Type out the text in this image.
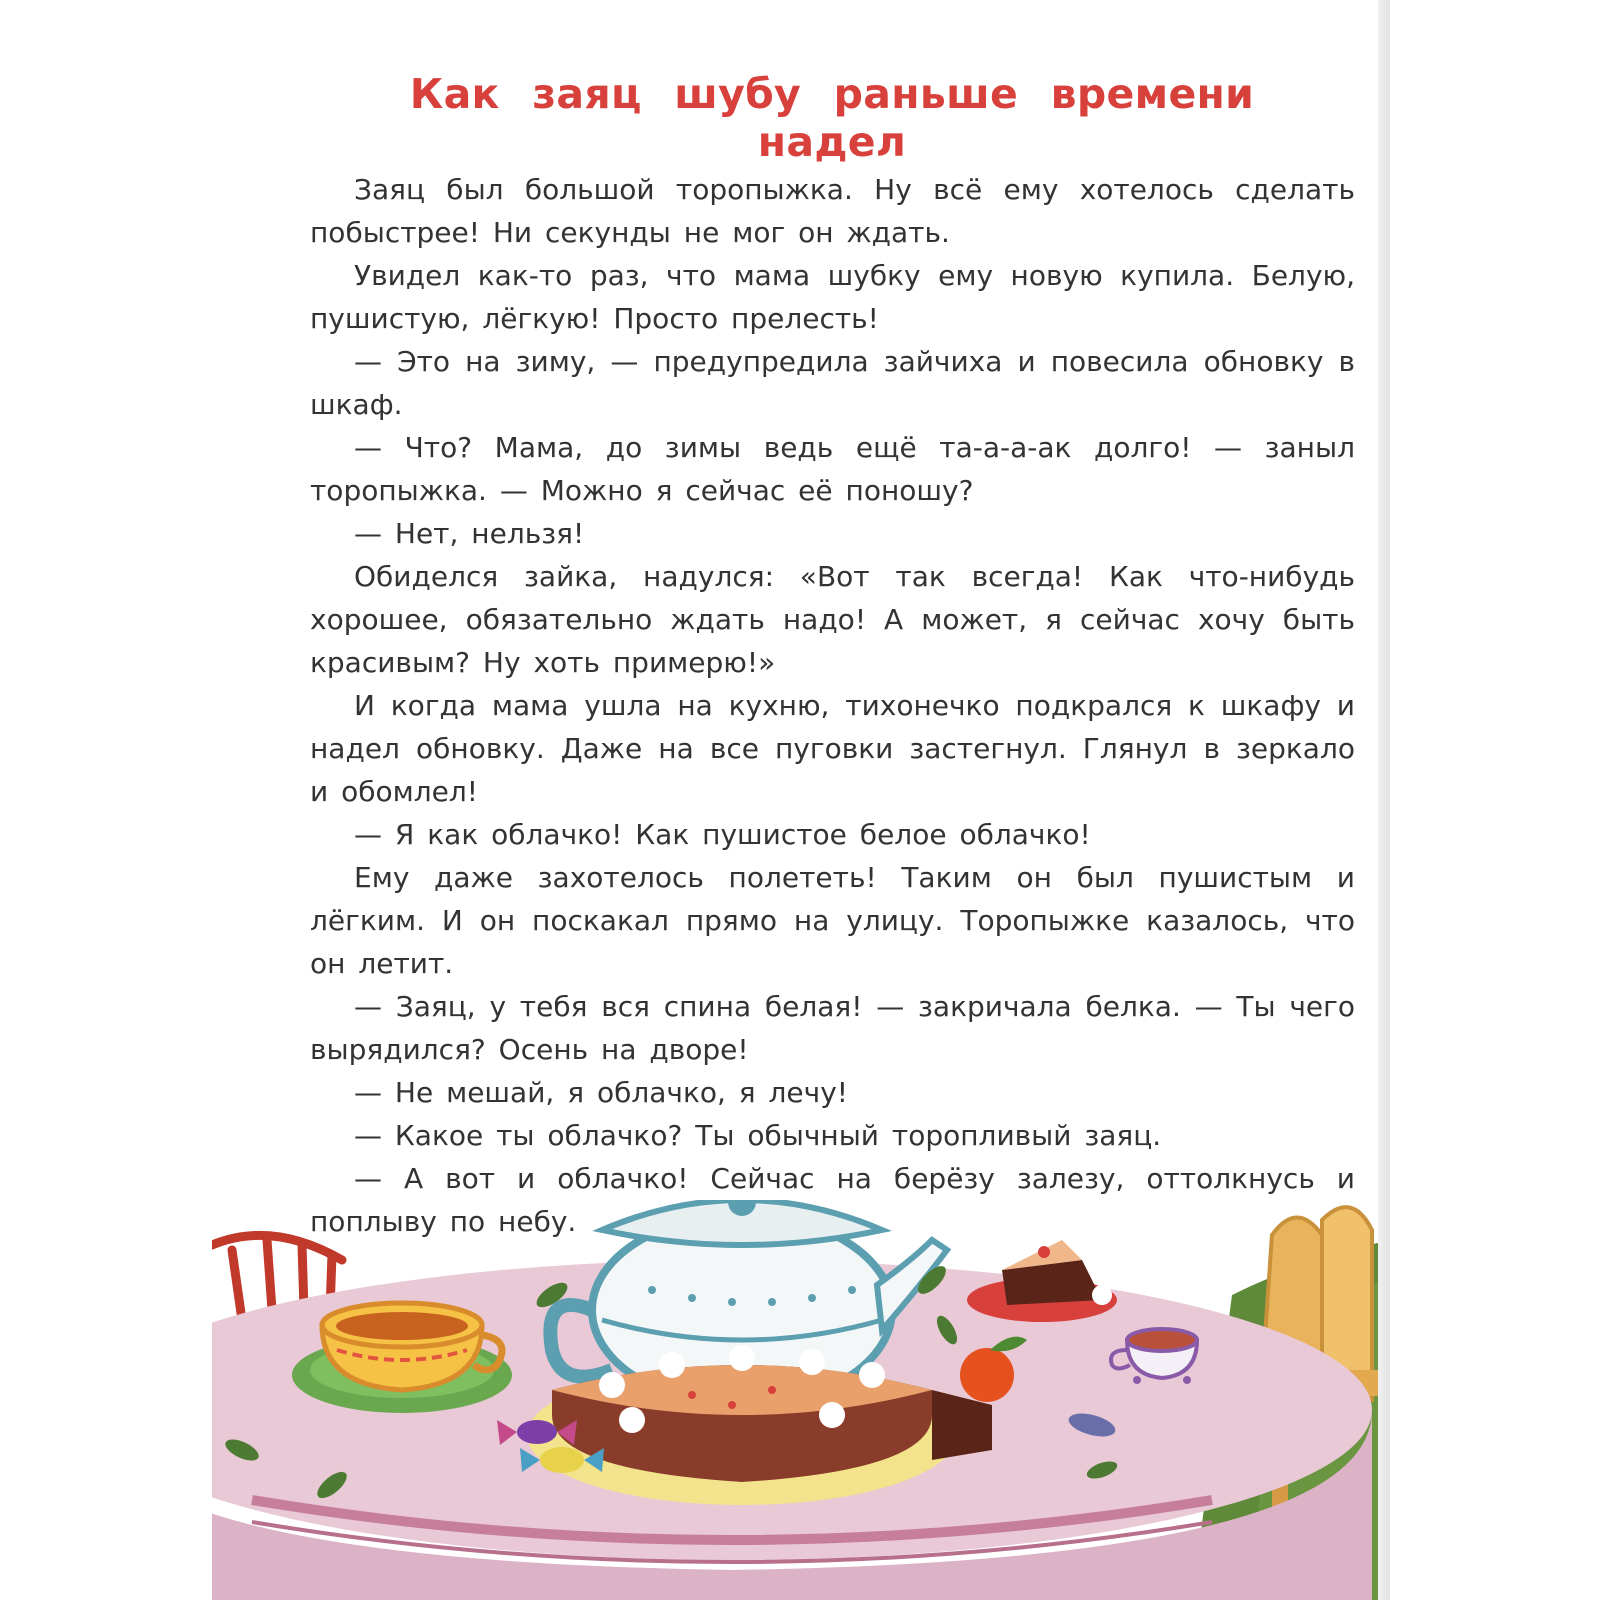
Как заяц шубу раньше времени надел

Заяц был большой торопыжка. Ну всё ему хотелось сделать побыстрее! Ни секунды не мог он ждать.

Увидел как-то раз, что мама шубку ему новую купила. Белую, пушистую, лёгкую! Просто прелесть!

— Это на зиму, — предупредила зайчиха и повесила обновку в шкаф.

— Что? Мама, до зимы ведь ещё та-а-а-ак долго! — заныл торопыжка. — Можно я сейчас её поношу?

— Нет, нельзя!

Обиделся зайка, надулся: «Вот так всегда! Как что-нибудь хорошее, обязательно ждать надо! А может, я сейчас хочу быть красивым? Ну хоть примерю!»

И когда мама ушла на кухню, тихонечко подкрался к шкафу и надел обновку. Даже на все пуговки застегнул. Глянул в зеркало и обомлел!

— Я как облачко! Как пушистое белое облачко!

Ему даже захотелось полететь! Таким он был пушистым и лёгким. И он поскакал прямо на улицу. Торопыжке казалось, что он летит.

— Заяц, у тебя вся спина белая! — закричала белка. — Ты чего вырядился? Осень на дворе!

— Не мешай, я облачко, я лечу!

— Какое ты облачко? Ты обычный торопливый заяц.

— А вот и облачко! Сейчас на берёзу залезу, оттолкнусь и поплыву по небу.
